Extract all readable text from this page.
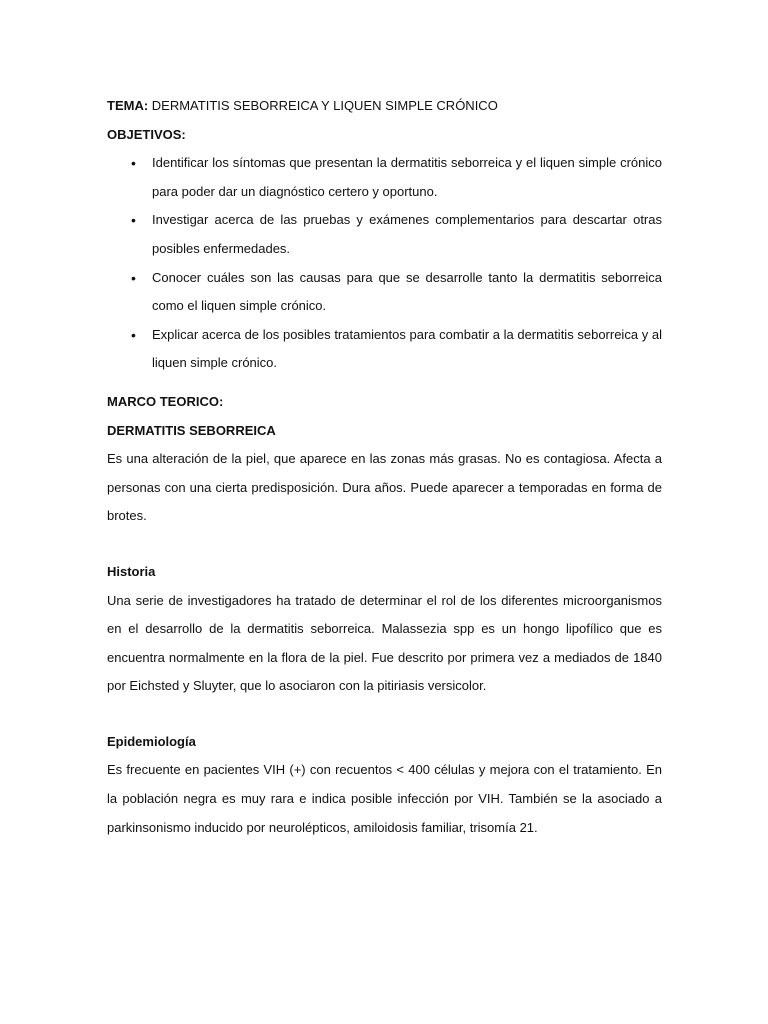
TEMA: DERMATITIS SEBORREICA Y LIQUEN SIMPLE CRÓNICO

OBJETIVOS:

• Identificar los síntomas que presentan la dermatitis seborreica y el liquen simple crónico para poder dar un diagnóstico certero y oportuno.
• Investigar acerca de las pruebas y exámenes complementarios para descartar otras posibles enfermedades.
• Conocer cuáles son las causas para que se desarrolle tanto la dermatitis seborreica como el liquen simple crónico.
• Explicar acerca de los posibles tratamientos para combatir a la dermatitis seborreica y al liquen simple crónico.

MARCO TEORICO:

DERMATITIS SEBORREICA

Es una alteración de la piel, que aparece en las zonas más grasas. No es contagiosa. Afecta a personas con una cierta predisposición. Dura años. Puede aparecer a temporadas en forma de brotes.

Historia

Una serie de investigadores ha tratado de determinar el rol de los diferentes microorganismos en el desarrollo de la dermatitis seborreica. Malassezia spp es un hongo lipofílico que es encuentra normalmente en la flora de la piel. Fue descrito por primera vez a mediados de 1840 por Eichsted y Sluyter, que lo asociaron con la pitiriasis versicolor.

Epidemiología

Es frecuente en pacientes VIH (+) con recuentos < 400 células y mejora con el tratamiento. En la población negra es muy rara e indica posible infección por VIH. También se la asociado a parkinsonismo inducido por neurolépticos, amiloidosis familiar, trisomía 21.
